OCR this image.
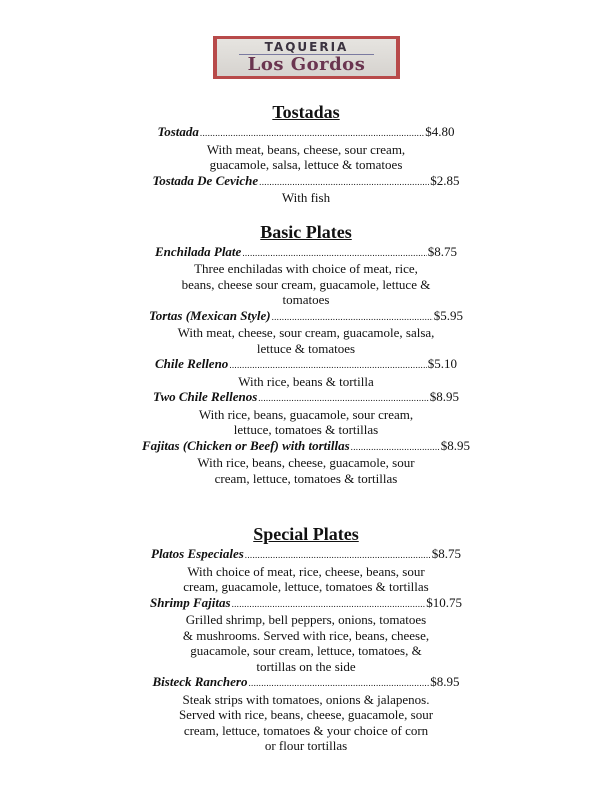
TAQUERIA
Los Gordos
Tostadas
Tostada .....	$4.80
With meat, beans, cheese, sour cream,
guacamole, salsa, lettuce & tomatoes
Tostada De Ceviche .....	$2.85
With fish
Basic Plates
Enchilada Plate .....	$8.75
Three enchiladas with choice of meat, rice,
beans, cheese sour cream, guacamole, lettuce &
tomatoes
Tortas (Mexican Style) .....	$5.95
With meat, cheese, sour cream, guacamole, salsa,
lettuce & tomatoes
Chile Relleno .....	$5.10
With rice, beans & tortilla
Two Chile Rellenos .....	$8.95
With rice, beans, guacamole, sour cream,
lettuce, tomatoes & tortillas
Fajitas (Chicken or Beef) with tortillas .....	$8.95
With rice, beans, cheese, guacamole, sour
cream, lettuce, tomatoes & tortillas
Special Plates
Platos Especiales .....	$8.75
With choice of meat, rice, cheese, beans, sour
cream, guacamole, lettuce, tomatoes & tortillas
Shrimp Fajitas .....	$10.75
Grilled shrimp, bell peppers, onions, tomatoes
& mushrooms. Served with rice, beans, cheese,
guacamole, sour cream, lettuce, tomatoes, &
tortillas on the side
Bisteck Ranchero .....	$8.95
Steak strips with tomatoes, onions & jalapenos.
Served with rice, beans, cheese, guacamole, sour
cream, lettuce, tomatoes & your choice of corn
or flour tortillas
